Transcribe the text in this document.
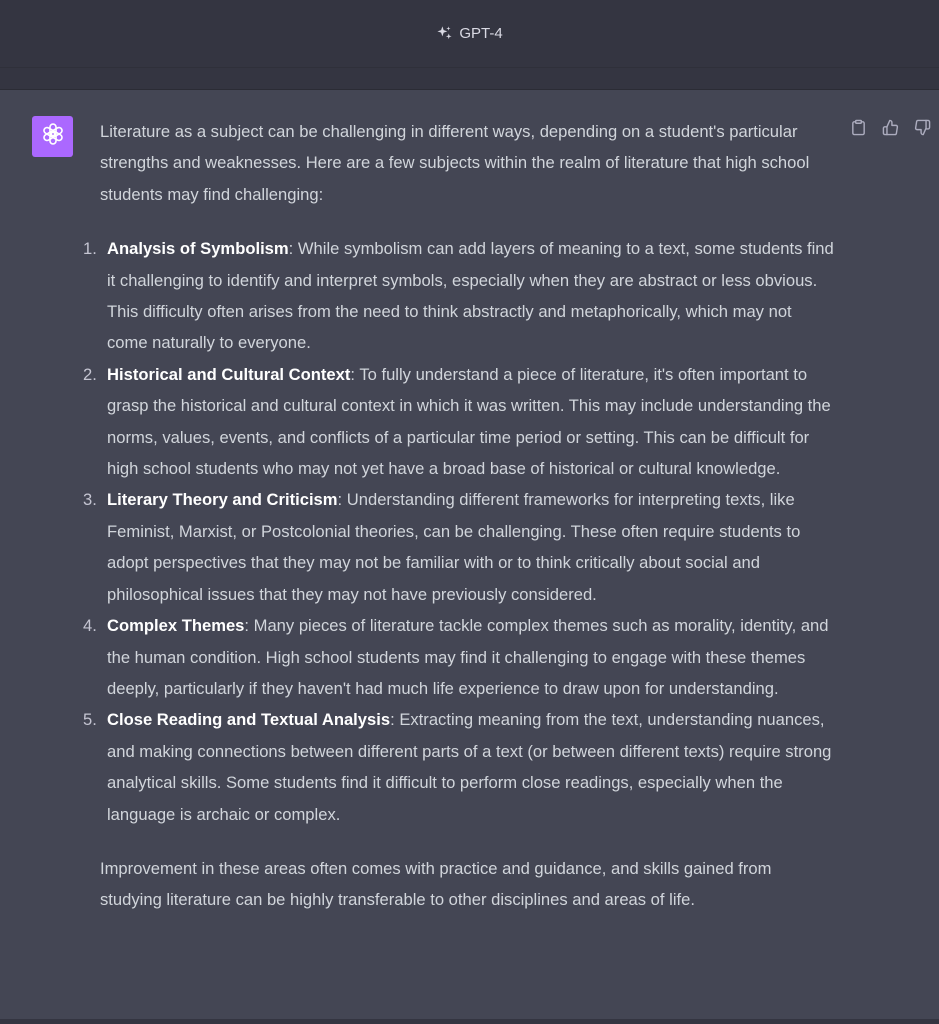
GPT-4

Literature as a subject can be challenging in different ways, depending on a student's particular strengths and weaknesses. Here are a few subjects within the realm of literature that high school students may find challenging:

1. Analysis of Symbolism: While symbolism can add layers of meaning to a text, some students find it challenging to identify and interpret symbols, especially when they are abstract or less obvious. This difficulty often arises from the need to think abstractly and metaphorically, which may not come naturally to everyone.
2. Historical and Cultural Context: To fully understand a piece of literature, it's often important to grasp the historical and cultural context in which it was written. This may include understanding the norms, values, events, and conflicts of a particular time period or setting. This can be difficult for high school students who may not yet have a broad base of historical or cultural knowledge.
3. Literary Theory and Criticism: Understanding different frameworks for interpreting texts, like Feminist, Marxist, or Postcolonial theories, can be challenging. These often require students to adopt perspectives that they may not be familiar with or to think critically about social and philosophical issues that they may not have previously considered.
4. Complex Themes: Many pieces of literature tackle complex themes such as morality, identity, and the human condition. High school students may find it challenging to engage with these themes deeply, particularly if they haven't had much life experience to draw upon for understanding.
5. Close Reading and Textual Analysis: Extracting meaning from the text, understanding nuances, and making connections between different parts of a text (or between different texts) require strong analytical skills. Some students find it difficult to perform close readings, especially when the language is archaic or complex.

Improvement in these areas often comes with practice and guidance, and skills gained from studying literature can be highly transferable to other disciplines and areas of life.
